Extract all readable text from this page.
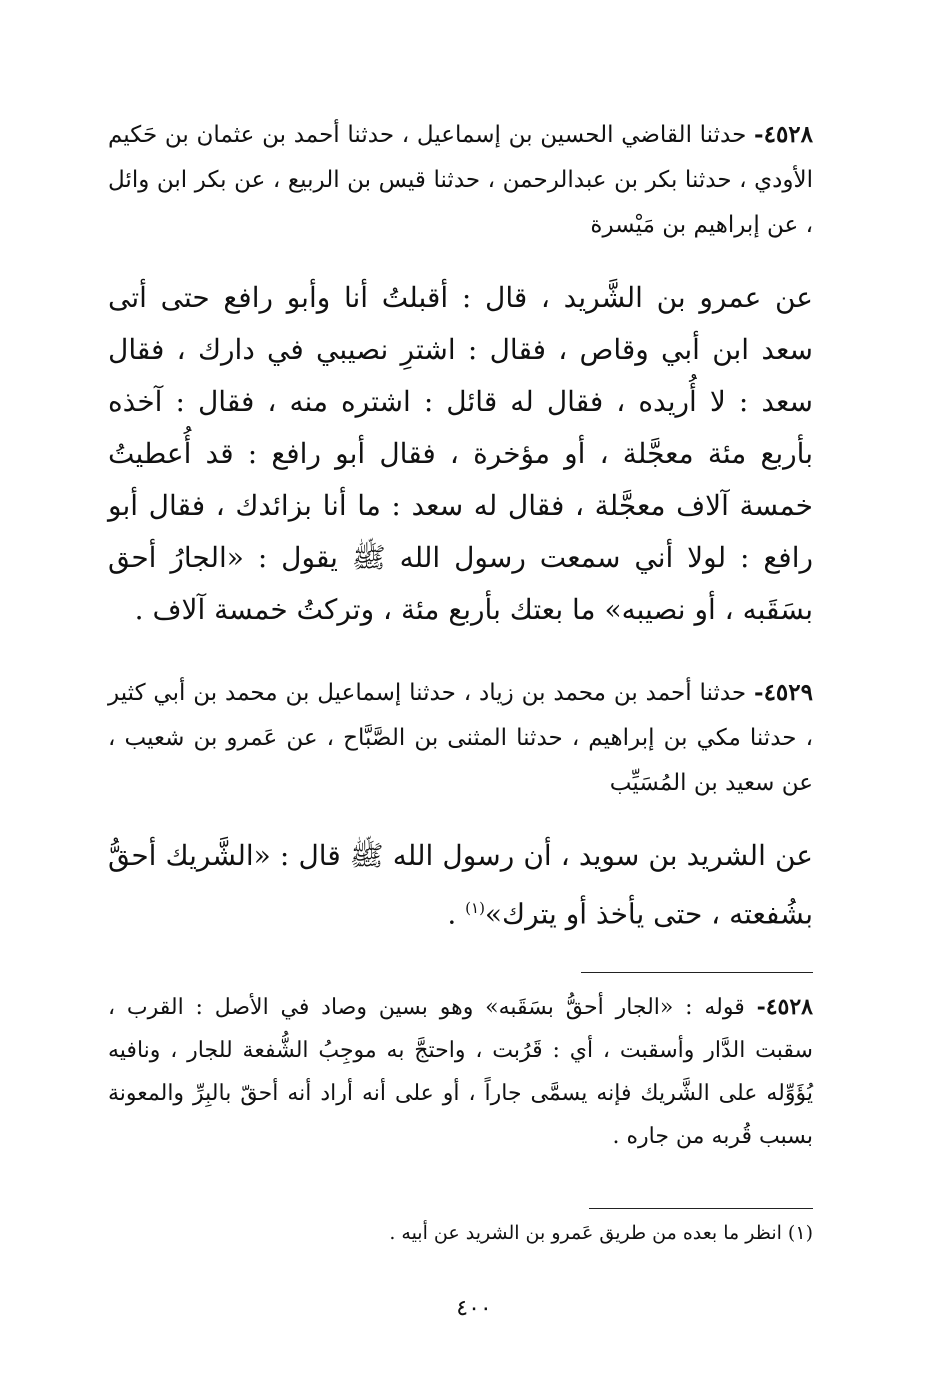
٤٥٢٨- حدثنا القاضي الحسين بن إسماعيل ، حدثنا أحمد بن عثمان بن حَكيم الأودي ، حدثنا بكر بن عبدالرحمن ، حدثنا قيس بن الربيع ، عن بكر ابن وائل ، عن إبراهيم بن مَيْسرة
عن عمرو بن الشَّريد ، قال : أقبلتُ أنا وأبو رافع حتى أتى سعد ابن أبي وقاص ، فقال : اشترِ نصيبي في دارك ، فقال سعد : لا أُريده ، فقال له قائل : اشتره منه ، فقال : آخذه بأربع مئة معجَّلة ، أو مؤخرة ، فقال أبو رافع : قد أُعطيتُ خمسة آلاف معجَّلة ، فقال له سعد : ما أنا بزائدك ، فقال أبو رافع : لولا أني سمعت رسول الله ﷺ يقول : «الجارُ أحق بسَقَبه ، أو نصيبه» ما بعتك بأربع مئة ، وتركتُ خمسة آلاف .
٤٥٢٩- حدثنا أحمد بن محمد بن زياد ، حدثنا إسماعيل بن محمد بن أبي كثير ، حدثنا مكي بن إبراهيم ، حدثنا المثنى بن الصَّبَّاح ، عن عَمرو بن شعيب ، عن سعيد بن المُسَيِّب
عن الشريد بن سويد ، أن رسول الله ﷺ قال : «الشَّريك أحقُّ بشُفعته ، حتى يأخذ أو يترك»$^{(١)}$ .
٤٥٢٨- قوله : «الجار أحقُّ بسَقَبه» وهو بسين وصاد في الأصل : القرب ، سقبت الدَّار وأسقبت ، أي : قَرُبت ، واحتجَّ به موجِبُ الشُّفعة للجار ، ونافيه يُؤَوِّله على الشَّريك فإنه يسمَّى جاراً ، أو على أنه أراد أنه أحقّ بالبِرِّ والمعونة بسبب قُربه من جاره .
(١) انظر ما بعده من طريق عَمرو بن الشريد عن أبيه .
٤٠٠
